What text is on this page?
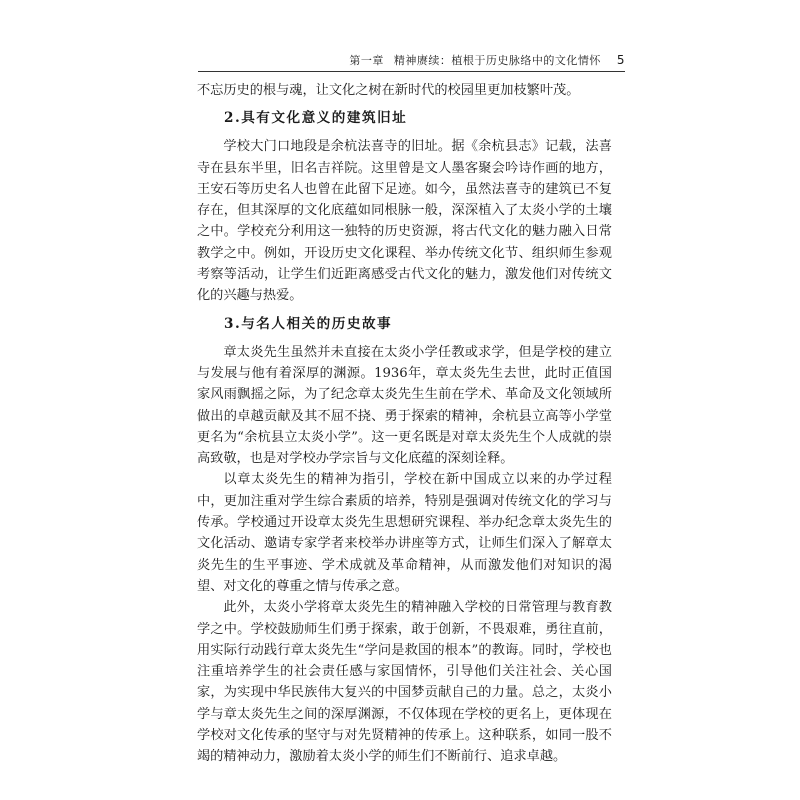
第一章 精神赓续：植根于历史脉络中的文化情怀 5

不忘历史的根与魂，让文化之树在新时代的校园里更加枝繁叶茂。

2.具有文化意义的建筑旧址

学校大门口地段是余杭法喜寺的旧址。据《余杭县志》记载，法喜寺在县东半里，旧名吉祥院。这里曾是文人墨客聚会吟诗作画的地方，王安石等历史名人也曾在此留下足迹。如今，虽然法喜寺的建筑已不复存在，但其深厚的文化底蕴如同根脉一般，深深植入了太炎小学的土壤之中。学校充分利用这一独特的历史资源，将古代文化的魅力融入日常教学之中。例如，开设历史文化课程、举办传统文化节、组织师生参观考察等活动，让学生们近距离感受古代文化的魅力，激发他们对传统文化的兴趣与热爱。

3.与名人相关的历史故事

章太炎先生虽然并未直接在太炎小学任教或求学，但是学校的建立与发展与他有着深厚的渊源。1936年，章太炎先生去世，此时正值国家风雨飘摇之际，为了纪念章太炎先生生前在学术、革命及文化领域所做出的卓越贡献及其不屈不挠、勇于探索的精神，余杭县立高等小学堂更名为“余杭县立太炎小学”。这一更名既是对章太炎先生个人成就的崇高致敬，也是对学校办学宗旨与文化底蕴的深刻诠释。

以章太炎先生的精神为指引，学校在新中国成立以来的办学过程中，更加注重对学生综合素质的培养，特别是强调对传统文化的学习与传承。学校通过开设章太炎先生思想研究课程、举办纪念章太炎先生的文化活动、邀请专家学者来校举办讲座等方式，让师生们深入了解章太炎先生的生平事迹、学术成就及革命精神，从而激发他们对知识的渴望、对文化的尊重之情与传承之意。

此外，太炎小学将章太炎先生的精神融入学校的日常管理与教育教学之中。学校鼓励师生们勇于探索，敢于创新，不畏艰难，勇往直前，用实际行动践行章太炎先生“学问是救国的根本”的教诲。同时，学校也注重培养学生的社会责任感与家国情怀，引导他们关注社会、关心国家，为实现中华民族伟大复兴的中国梦贡献自己的力量。总之，太炎小学与章太炎先生之间的深厚渊源，不仅体现在学校的更名上，更体现在学校对文化传承的坚守与对先贤精神的传承上。这种联系，如同一股不竭的精神动力，激励着太炎小学的师生们不断前行、追求卓越。
